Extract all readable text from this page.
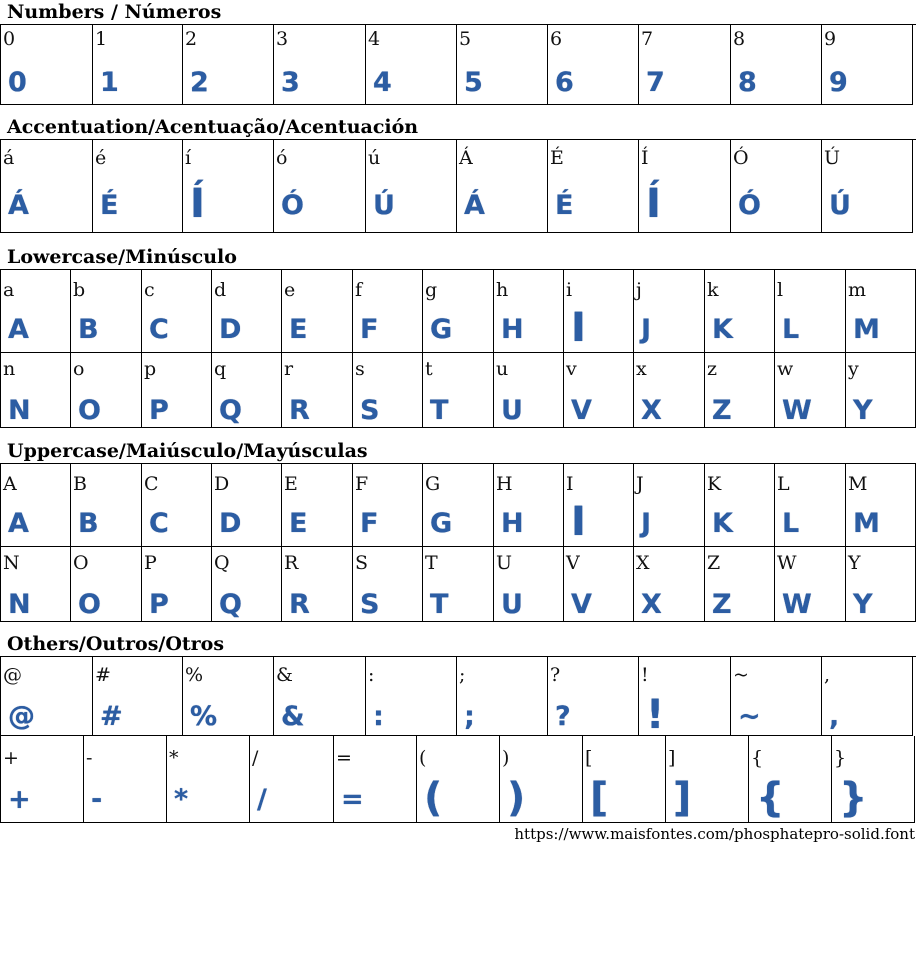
Numbers / Números
0
0
1
1
2
2
3
3
4
4
5
5
6
6
7
7
8
8
9
9
Accentuation/Acentuação/Acentuación
á
Á
é
É
í
Í
ó
Ó
ú
Ú
Á
Á
É
É
Í
Í
Ó
Ó
Ú
Ú
Lowercase/Minúsculo
a
A
b
B
c
C
d
D
e
E
f
F
g
G
h
H
i
I
j
J
k
K
l
L
m
M
n
N
o
O
p
P
q
Q
r
R
s
S
t
T
u
U
v
V
x
X
z
Z
w
W
y
Y
Uppercase/Maiúsculo/Mayúsculas
A
A
B
B
C
C
D
D
E
E
F
F
G
G
H
H
I
I
J
J
K
K
L
L
M
M
N
N
O
O
P
P
Q
Q
R
R
S
S
T
T
U
U
V
V
X
X
Z
Z
W
W
Y
Y
Others/Outros/Otros
@
@
#
#
%
%
&
&
:
:
;
;
?
?
!
!
~
~
,
,
+
+
-
-
*
*
/
/
=
=
(
(
)
)
[
[
]
]
{
{
}
}
https://www.maisfontes.com/phosphatepro-solid.font
